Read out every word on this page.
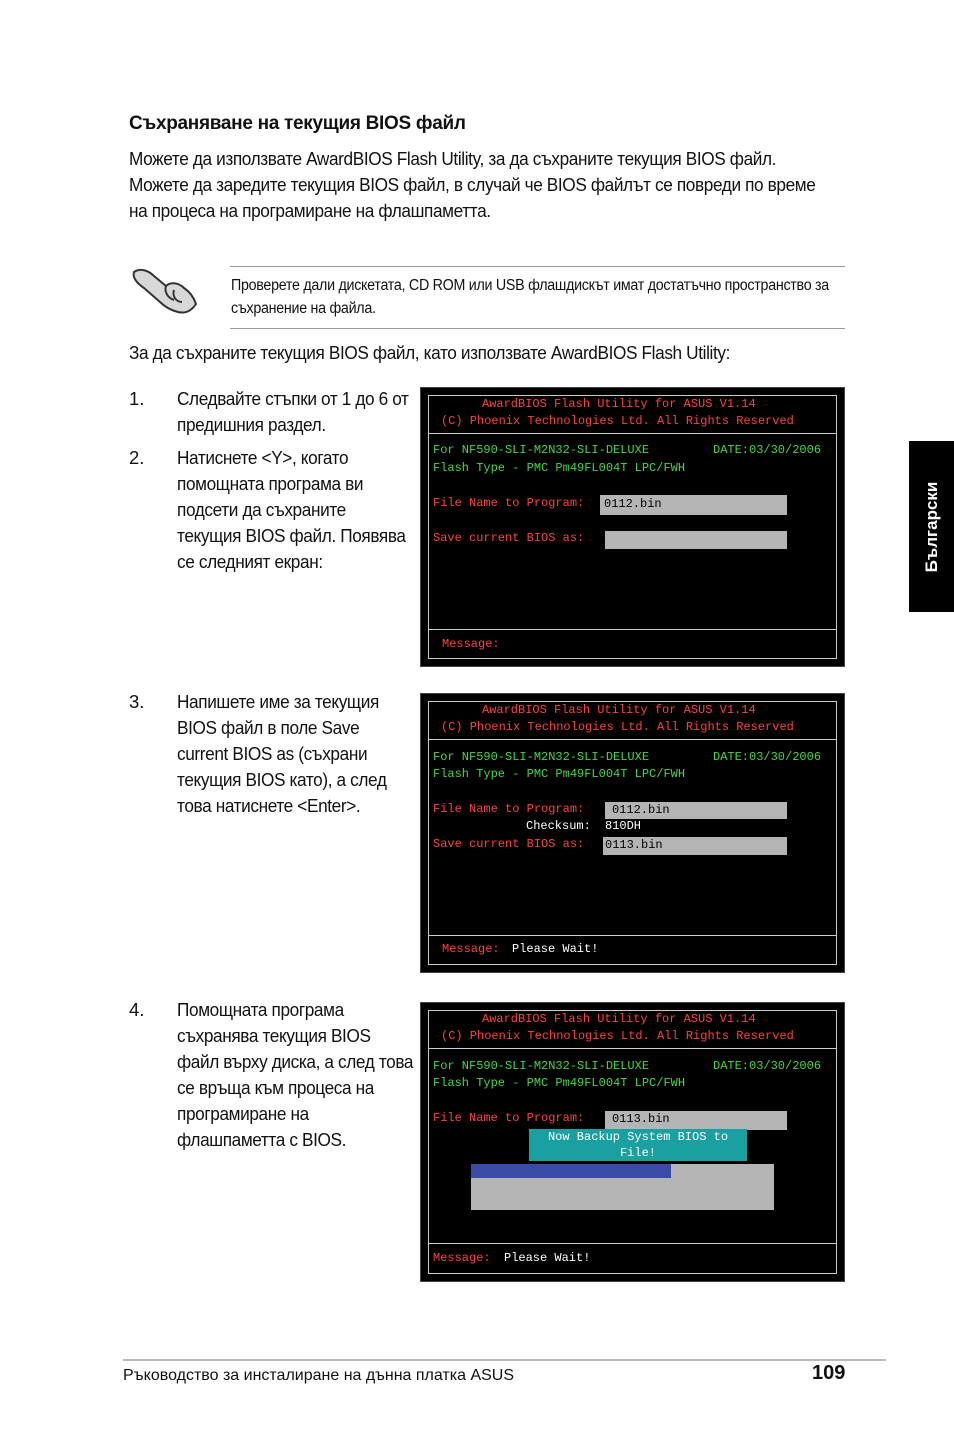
Съхраняване на текущия BIOS файл
Можете да използвате AwardBIOS Flash Utility, за да съхраните текущия BIOS файл. Можете да заредите текущия BIOS файл, в случай че BIOS файлът се повреди по време на процеса на програмиране на флашпаметта.
Проверете дали дискетата, CD ROM или USB флашдискът имат достатъчно пространство за съхранение на файла.
За да съхраните текущия BIOS файл, като използвате AwardBIOS Flash Utility:
1. Следвайте стъпки от 1 до 6 от предишния раздел.
2. Натиснете <Y>, когато помощната програма ви подсети да съхраните текущия BIOS файл. Появява се следният екран:
3. Напишете име за текущия BIOS файл в поле Save current BIOS as (съхрани текущия BIOS като), а след това натиснете <Enter>.
4. Помощната програма съхранява текущия BIOS файл върху диска, а след това се връща към процеса на програмиране на флашпаметта с BIOS.
AwardBIOS Flash Utility for ASUS V1.14
(C) Phoenix Technologies Ltd. All Rights Reserved
For NF590-SLI-M2N32-SLI-DELUXE	DATE:03/30/2006
Flash Type - PMC Pm49FL004T LPC/FWH
File Name to Program:	0112.bin
Save current BIOS as:
Message:
AwardBIOS Flash Utility for ASUS V1.14
(C) Phoenix Technologies Ltd. All Rights Reserved
For NF590-SLI-M2N32-SLI-DELUXE	DATE:03/30/2006
Flash Type - PMC Pm49FL004T LPC/FWH
File Name to Program:	0112.bin
Checksum: 810DH
Save current BIOS as: 0113.bin
Message: Please Wait!
AwardBIOS Flash Utility for ASUS V1.14
(C) Phoenix Technologies Ltd. All Rights Reserved
For NF590-SLI-M2N32-SLI-DELUXE	DATE:03/30/2006
Flash Type - PMC Pm49FL004T LPC/FWH
File Name to Program:	0113.bin
Now Backup System BIOS to
File!
Message: Please Wait!
Български
Ръководство за инсталиране на дънна платка ASUS	109
